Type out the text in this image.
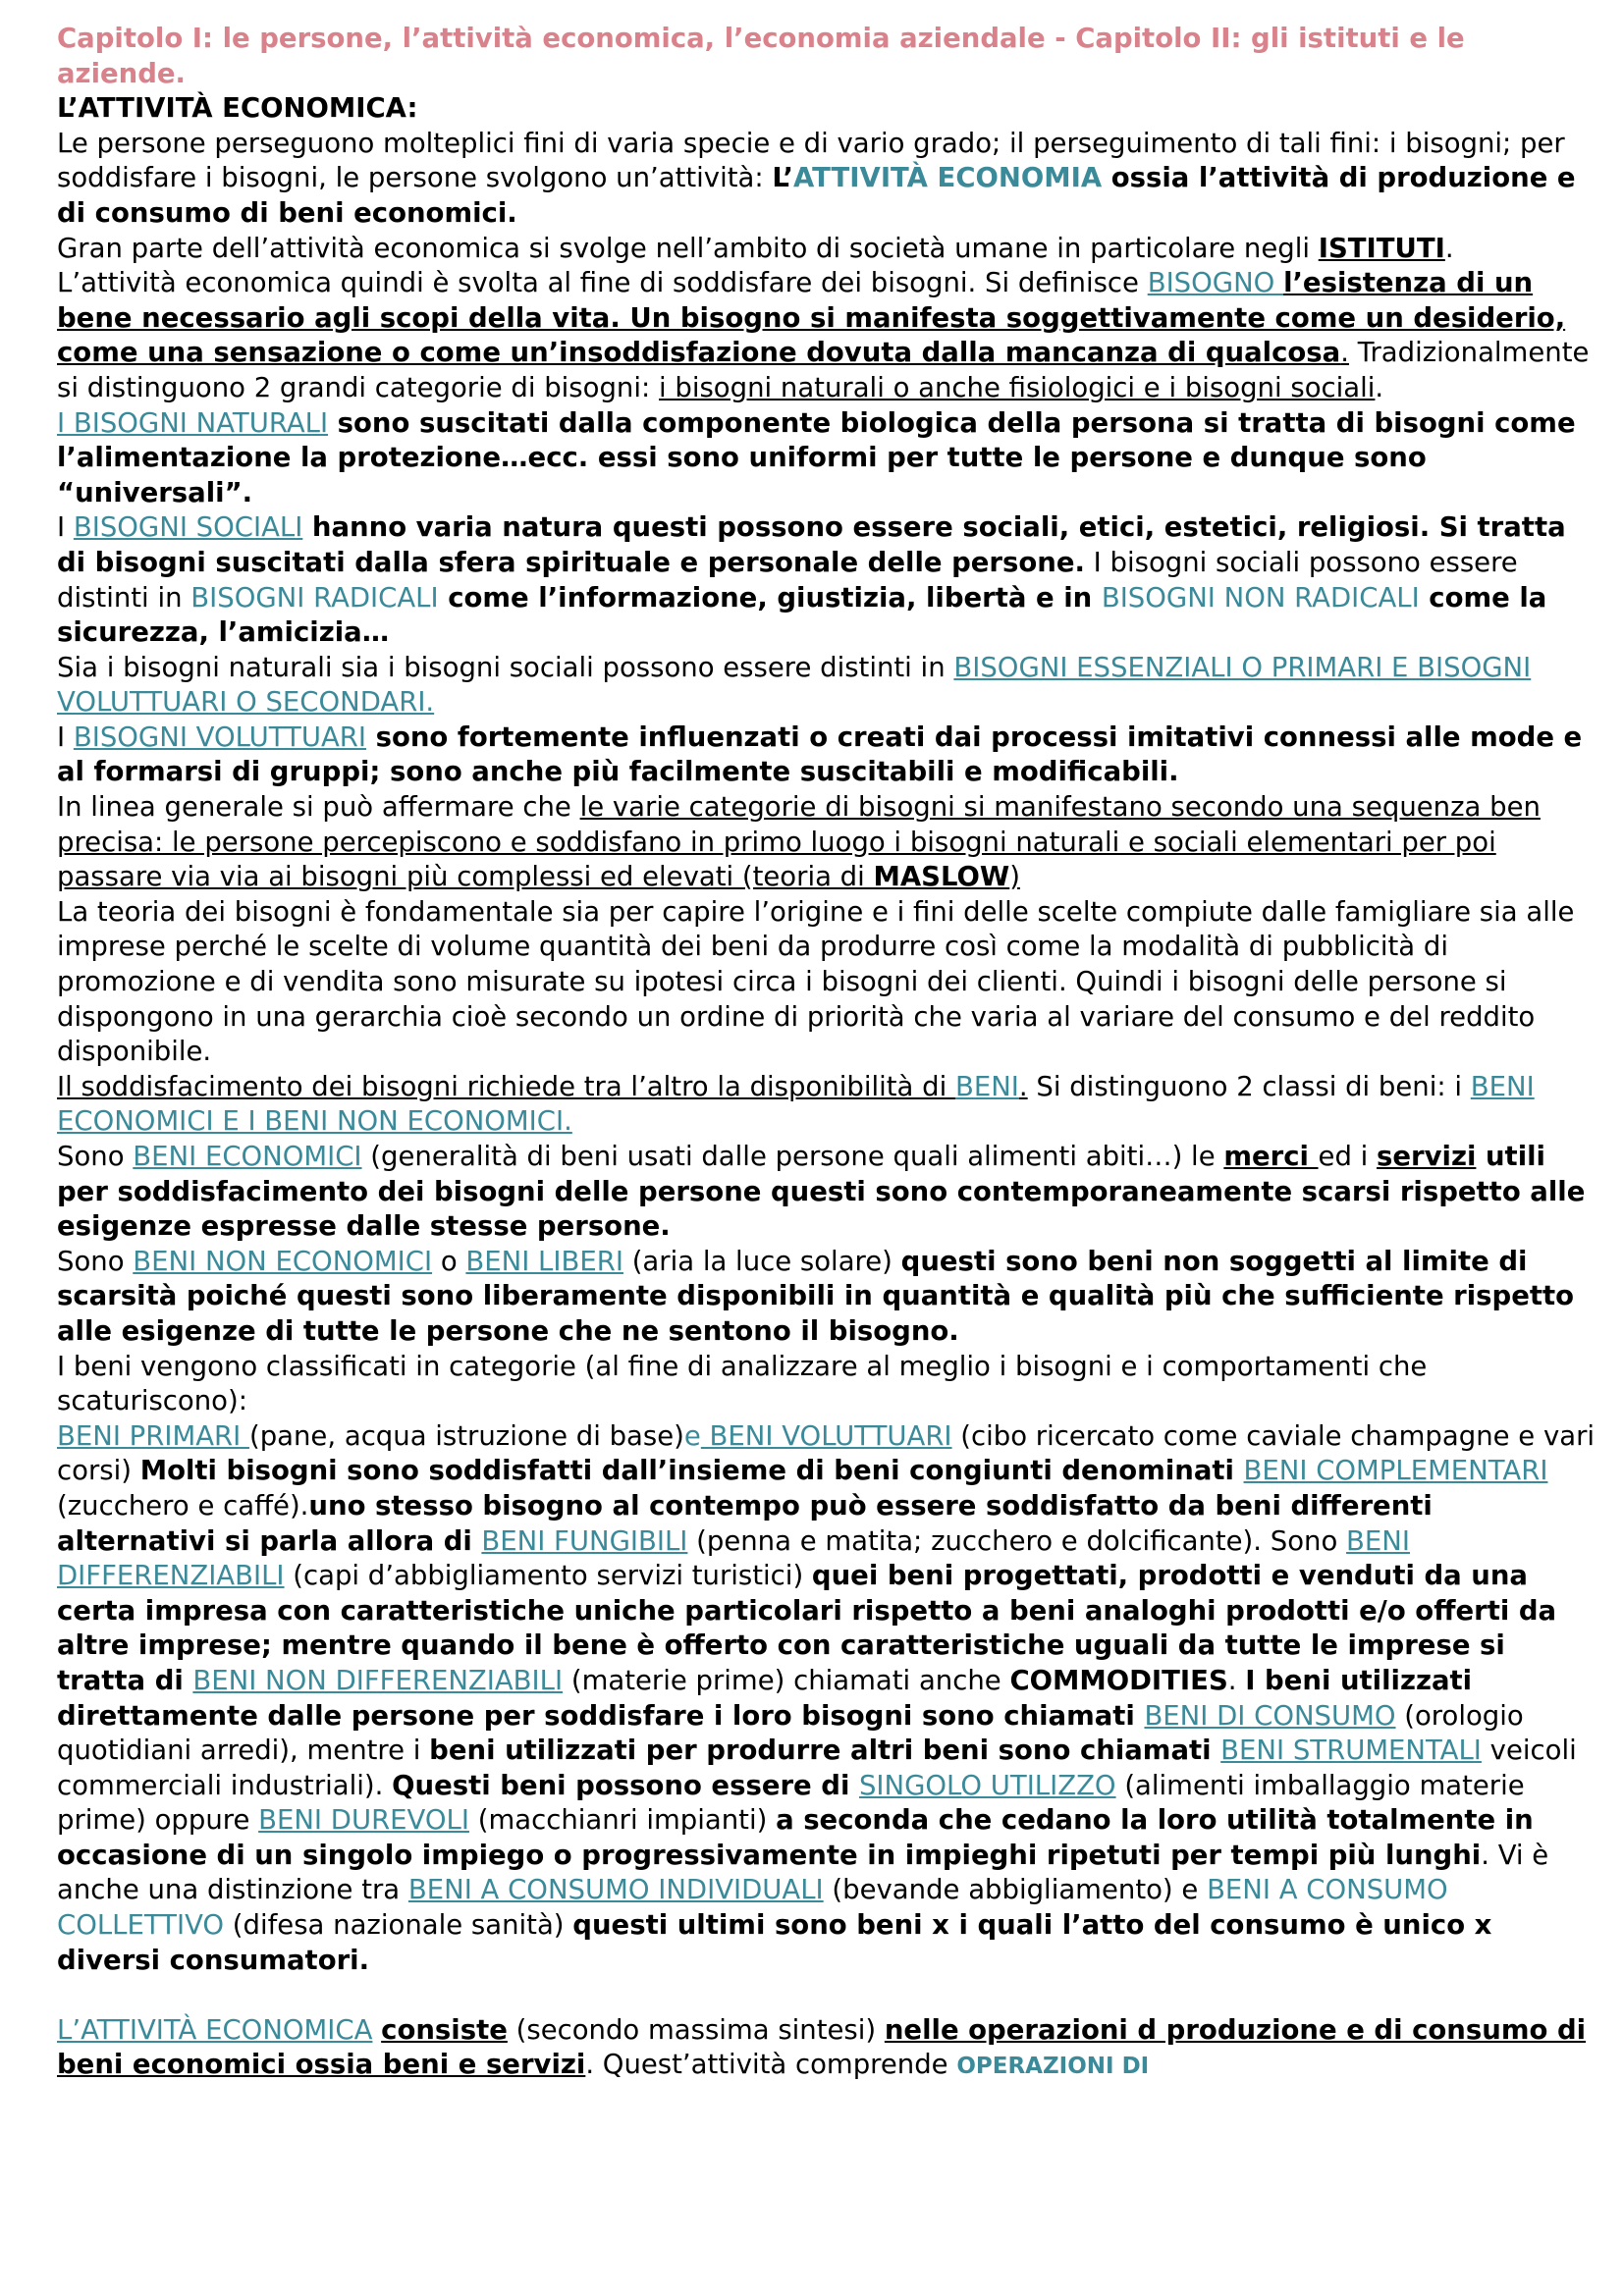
Capitolo I: le persone, l’attività economica, l’economia aziendale - Capitolo II: gli istituti e le aziende.

L’ATTIVITÀ ECONOMICA:

Le persone perseguono molteplici fini di varia specie e di vario grado; il perseguimento di tali fini: i bisogni; per soddisfare i bisogni, le persone svolgono un’attività: L’ATTIVITÀ ECONOMIA ossia l’attività di produzione e di consumo di beni economici.

Gran parte dell’attività economica si svolge nell’ambito di società umane in particolare negli ISTITUTI.

L’attività economica quindi è svolta al fine di soddisfare dei bisogni. Si definisce BISOGNO l’esistenza di un bene necessario agli scopi della vita. Un bisogno si manifesta soggettivamente come un desiderio, come una sensazione o come un’insoddisfazione dovuta dalla mancanza di qualcosa. Tradizionalmente si distinguono 2 grandi categorie di bisogni: i bisogni naturali o anche fisiologici e i bisogni sociali.

I BISOGNI NATURALI sono suscitati dalla componente biologica della persona si tratta di bisogni come l’alimentazione la protezione…ecc. essi sono uniformi per tutte le persone e dunque sono “universali”.

I BISOGNI SOCIALI hanno varia natura questi possono essere sociali, etici, estetici, religiosi. Si tratta di bisogni suscitati dalla sfera spirituale e personale delle persone. I bisogni sociali possono essere distinti in BISOGNI RADICALI come l’informazione, giustizia, libertà e in BISOGNI NON RADICALI come la sicurezza, l’amicizia…

Sia i bisogni naturali sia i bisogni sociali possono essere distinti in BISOGNI ESSENZIALI O PRIMARI E BISOGNI VOLUTTUARI O SECONDARI.

I BISOGNI VOLUTTUARI sono fortemente influenzati o creati dai processi imitativi connessi alle mode e al formarsi di gruppi; sono anche più facilmente suscitabili e modificabili.

In linea generale si può affermare che le varie categorie di bisogni si manifestano secondo una sequenza ben precisa: le persone percepiscono e soddisfano in primo luogo i bisogni naturali e sociali elementari per poi passare via via ai bisogni più complessi ed elevati (teoria di MASLOW)

La teoria dei bisogni è fondamentale sia per capire l’origine e i fini delle scelte compiute dalle famigliare sia alle imprese perché le scelte di volume quantità dei beni da produrre così come la modalità di pubblicità di promozione e di vendita sono misurate su ipotesi circa i bisogni dei clienti. Quindi i bisogni delle persone si dispongono in una gerarchia cioè secondo un ordine di priorità che varia al variare del consumo e del reddito disponibile.

Il soddisfacimento dei bisogni richiede tra l’altro la disponibilità di BENI. Si distinguono 2 classi di beni: i BENI ECONOMICI E I BENI NON ECONOMICI.

Sono BENI ECONOMICI (generalità di beni usati dalle persone quali alimenti abiti…) le merci ed i servizi utili per soddisfacimento dei bisogni delle persone questi sono contemporaneamente scarsi rispetto alle esigenze espresse dalle stesse persone.

Sono BENI NON ECONOMICI o BENI LIBERI (aria la luce solare) questi sono beni non soggetti al limite di scarsità poiché questi sono liberamente disponibili in quantità e qualità più che sufficiente rispetto alle esigenze di tutte le persone che ne sentono il bisogno.

I beni vengono classificati in categorie (al fine di analizzare al meglio i bisogni e i comportamenti che scaturiscono):

BENI PRIMARI (pane, acqua istruzione di base)e BENI VOLUTTUARI (cibo ricercato come caviale champagne e vari corsi) Molti bisogni sono soddisfatti dall’insieme di beni congiunti denominati BENI COMPLEMENTARI (zucchero e caffé).uno stesso bisogno al contempo può essere soddisfatto da beni differenti alternativi si parla allora di BENI FUNGIBILI (penna e matita; zucchero e dolcificante). Sono BENI DIFFERENZIABILI (capi d’abbigliamento servizi turistici) quei beni progettati, prodotti e venduti da una certa impresa con caratteristiche uniche particolari rispetto a beni analoghi prodotti e/o offerti da altre imprese; mentre quando il bene è offerto con caratteristiche uguali da tutte le imprese si tratta di BENI NON DIFFERENZIABILI (materie prime) chiamati anche COMMODITIES. I beni utilizzati direttamente dalle persone per soddisfare i loro bisogni sono chiamati BENI DI CONSUMO (orologio quotidiani arredi), mentre i beni utilizzati per produrre altri beni sono chiamati BENI STRUMENTALI veicoli commerciali industriali). Questi beni possono essere di SINGOLO UTILIZZO (alimenti imballaggio materie prime) oppure BENI DUREVOLI (macchianri impianti) a seconda che cedano la loro utilità totalmente in occasione di un singolo impiego o progressivamente in impieghi ripetuti per tempi più lunghi. Vi è anche una distinzione tra BENI A CONSUMO INDIVIDUALI (bevande abbigliamento) e BENI A CONSUMO COLLETTIVO (difesa nazionale sanità) questi ultimi sono beni x i quali l’atto del consumo è unico x diversi consumatori.

L’ATTIVITÀ ECONOMICA consiste (secondo massima sintesi) nelle operazioni d produzione e di consumo di beni economici ossia beni e servizi. Quest’attività comprende OPERAZIONI DI
